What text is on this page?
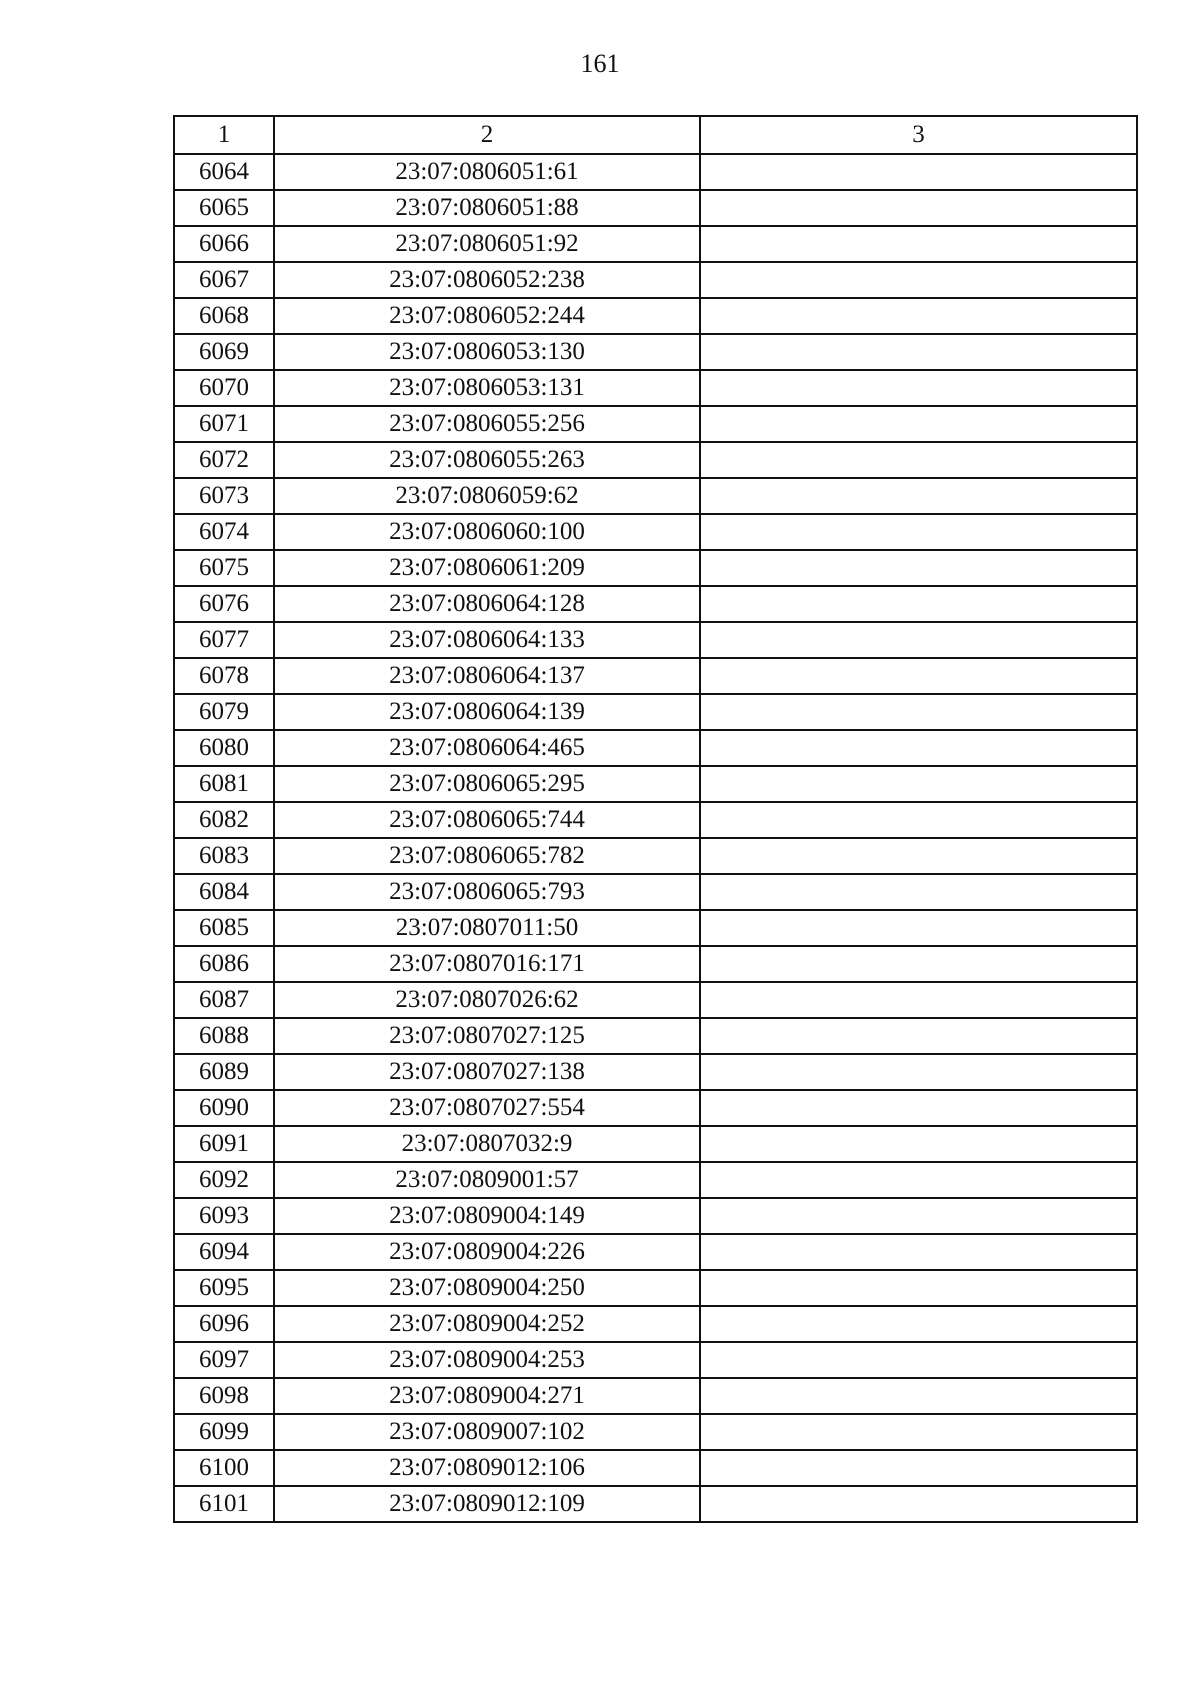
161
1	2	3
6064	23:07:0806051:61	
6065	23:07:0806051:88	
6066	23:07:0806051:92	
6067	23:07:0806052:238	
6068	23:07:0806052:244	
6069	23:07:0806053:130	
6070	23:07:0806053:131	
6071	23:07:0806055:256	
6072	23:07:0806055:263	
6073	23:07:0806059:62	
6074	23:07:0806060:100	
6075	23:07:0806061:209	
6076	23:07:0806064:128	
6077	23:07:0806064:133	
6078	23:07:0806064:137	
6079	23:07:0806064:139	
6080	23:07:0806064:465	
6081	23:07:0806065:295	
6082	23:07:0806065:744	
6083	23:07:0806065:782	
6084	23:07:0806065:793	
6085	23:07:0807011:50	
6086	23:07:0807016:171	
6087	23:07:0807026:62	
6088	23:07:0807027:125	
6089	23:07:0807027:138	
6090	23:07:0807027:554	
6091	23:07:0807032:9	
6092	23:07:0809001:57	
6093	23:07:0809004:149	
6094	23:07:0809004:226	
6095	23:07:0809004:250	
6096	23:07:0809004:252	
6097	23:07:0809004:253	
6098	23:07:0809004:271	
6099	23:07:0809007:102	
6100	23:07:0809012:106	
6101	23:07:0809012:109	
